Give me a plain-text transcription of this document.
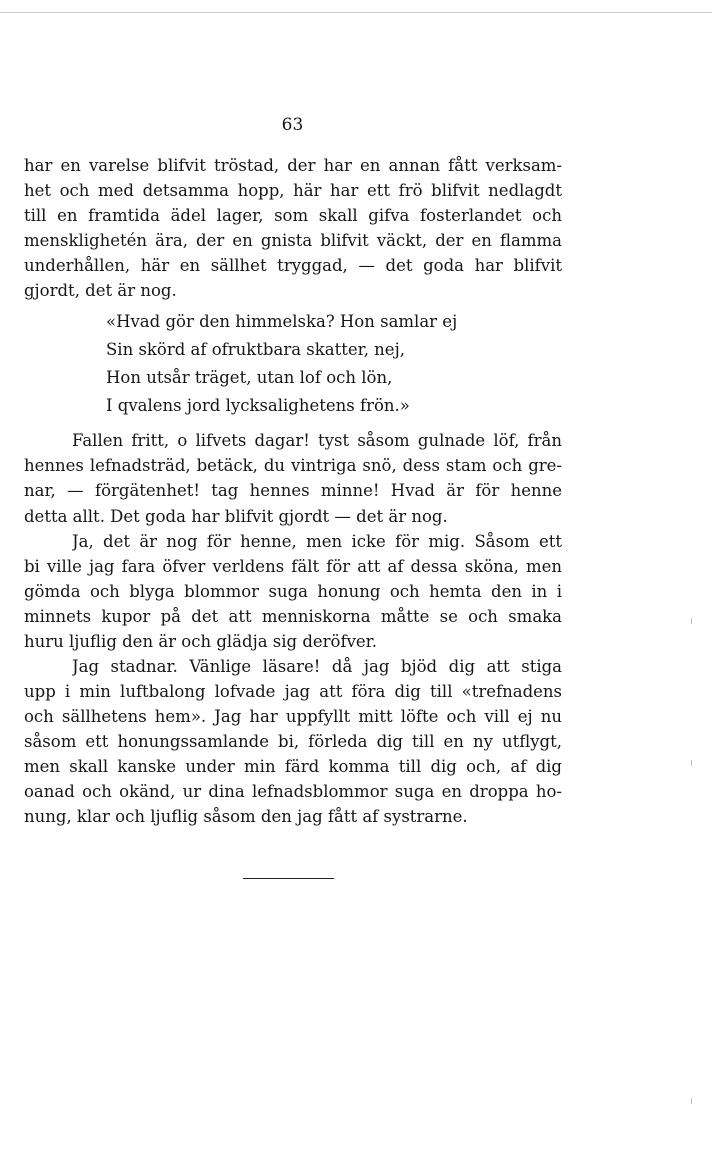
63
har en varelse blifvit tröstad, der har en annan fått verksam-
het och med detsamma hopp, här har ett frö blifvit nedlagdt
till en framtida ädel lager, som skall gifva fosterlandet och
mensklighetén ära, der en gnista blifvit väckt, der en flamma
underhållen, här en sällhet tryggad, — det goda har blifvit
gjordt, det är nog.
«Hvad gör den himmelska? Hon samlar ej
Sin skörd af ofruktbara skatter, nej,
Hon utsår träget, utan lof och lön,
I qvalens jord lycksalighetens frön.»
Fallen fritt, o lifvets dagar! tyst såsom gulnade löf, från
hennes lefnadsträd, betäck, du vintriga snö, dess stam och gre-
nar, — förgätenhet! tag hennes minne! Hvad är för henne
detta allt. Det goda har blifvit gjordt — det är nog.
Ja, det är nog för henne, men icke för mig. Såsom ett
bi ville jag fara öfver verldens fält för att af dessa sköna, men
gömda och blyga blommor suga honung och hemta den in i
minnets kupor på det att menniskorna måtte se och smaka
huru ljuflig den är och glädja sig deröfver.
Jag stadnar. Vänlige läsare! då jag bjöd dig att stiga
upp i min luftbalong lofvade jag att föra dig till «trefnadens
och sällhetens hem». Jag har uppfyllt mitt löfte och vill ej nu
såsom ett honungssamlande bi, förleda dig till en ny utflygt,
men skall kanske under min färd komma till dig och, af dig
oanad och okänd, ur dina lefnadsblommor suga en droppa ho-
nung, klar och ljuflig såsom den jag fått af systrarne.
